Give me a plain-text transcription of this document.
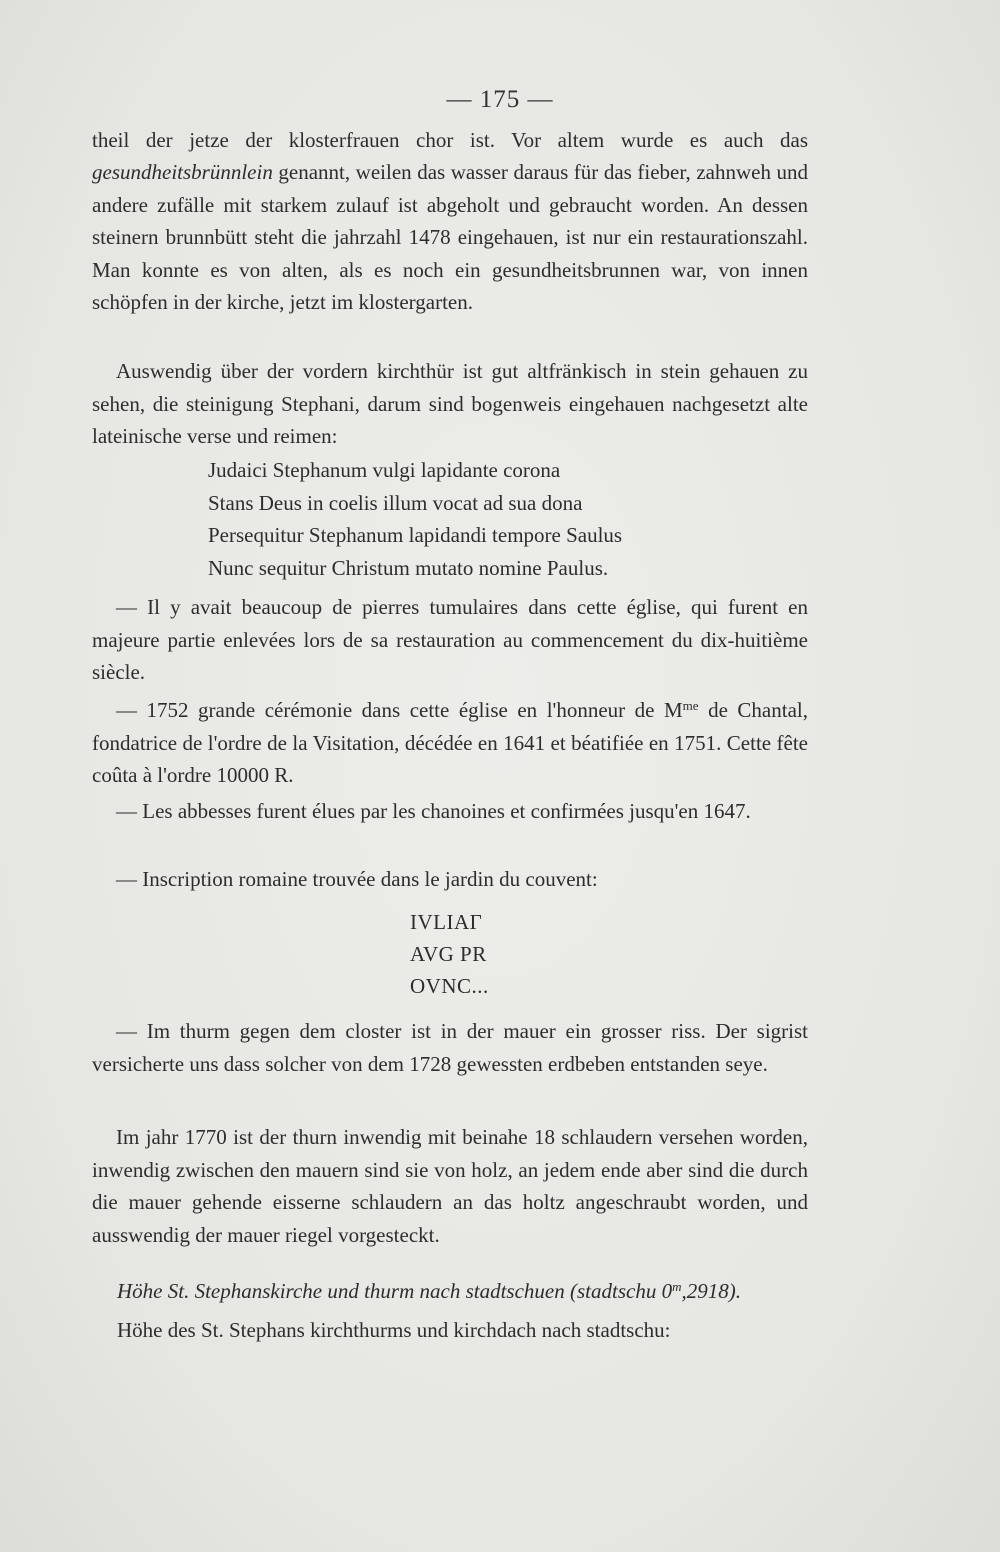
— 175 —

theil der jetze der klosterfrauen chor ist. Vor altem wurde es auch das gesundheitsbrünnlein genannt, weilen das wasser daraus für das fieber, zahnweh und andere zufälle mit starkem zulauf ist abgeholt und gebraucht worden. An dessen steinern brunnbütt steht die jahrzahl 1478 eingehauen, ist nur ein restaurationszahl. Man konnte es von alten, als es noch ein gesundheitsbrunnen war, von innen schöpfen in der kirche, jetzt im klostergarten.

Auswendig über der vordern kirchthür ist gut altfränkisch in stein gehauen zu sehen, die steinigung Stephani, darum sind bogenweis eingehauen nachgesetzt alte lateinische verse und reimen:

Judaici Stephanum vulgi lapidante corona
Stans Deus in coelis illum vocat ad sua dona
Persequitur Stephanum lapidandi tempore Saulus
Nunc sequitur Christum mutato nomine Paulus.

— Il y avait beaucoup de pierres tumulaires dans cette église, qui furent en majeure partie enlevées lors de sa restauration au commencement du dix-huitième siècle.

— 1752 grande cérémonie dans cette église en l'honneur de $M^{me}$ de Chantal, fondatrice de l'ordre de la Visitation, décédée en 1641 et béatifiée en 1751. Cette fête coûta à l'ordre 10000 R.

— Les abbesses furent élues par les chanoines et confirmées jusqu'en 1647.

— Inscription romaine trouvée dans le jardin du couvent:

IVLIAΓ
AVG PR
OVNC...

— Im thurm gegen dem closter ist in der mauer ein grosser riss. Der sigrist versicherte uns dass solcher von dem 1728 gewessten erdbeben entstanden seye.

Im jahr 1770 ist der thurn inwendig mit beinahe 18 schlaudern versehen worden, inwendig zwischen den mauern sind sie von holz, an jedem ende aber sind die durch die mauer gehende eisserne schlaudern an das holtz angeschraubt worden, und ausswendig der mauer riegel vorgesteckt.

Höhe St. Stephanskirche und thurm nach stadtschuen (stadtschu 0$^m$,2918).
Höhe des St. Stephans kirchthurms und kirchdach nach stadtschu:
